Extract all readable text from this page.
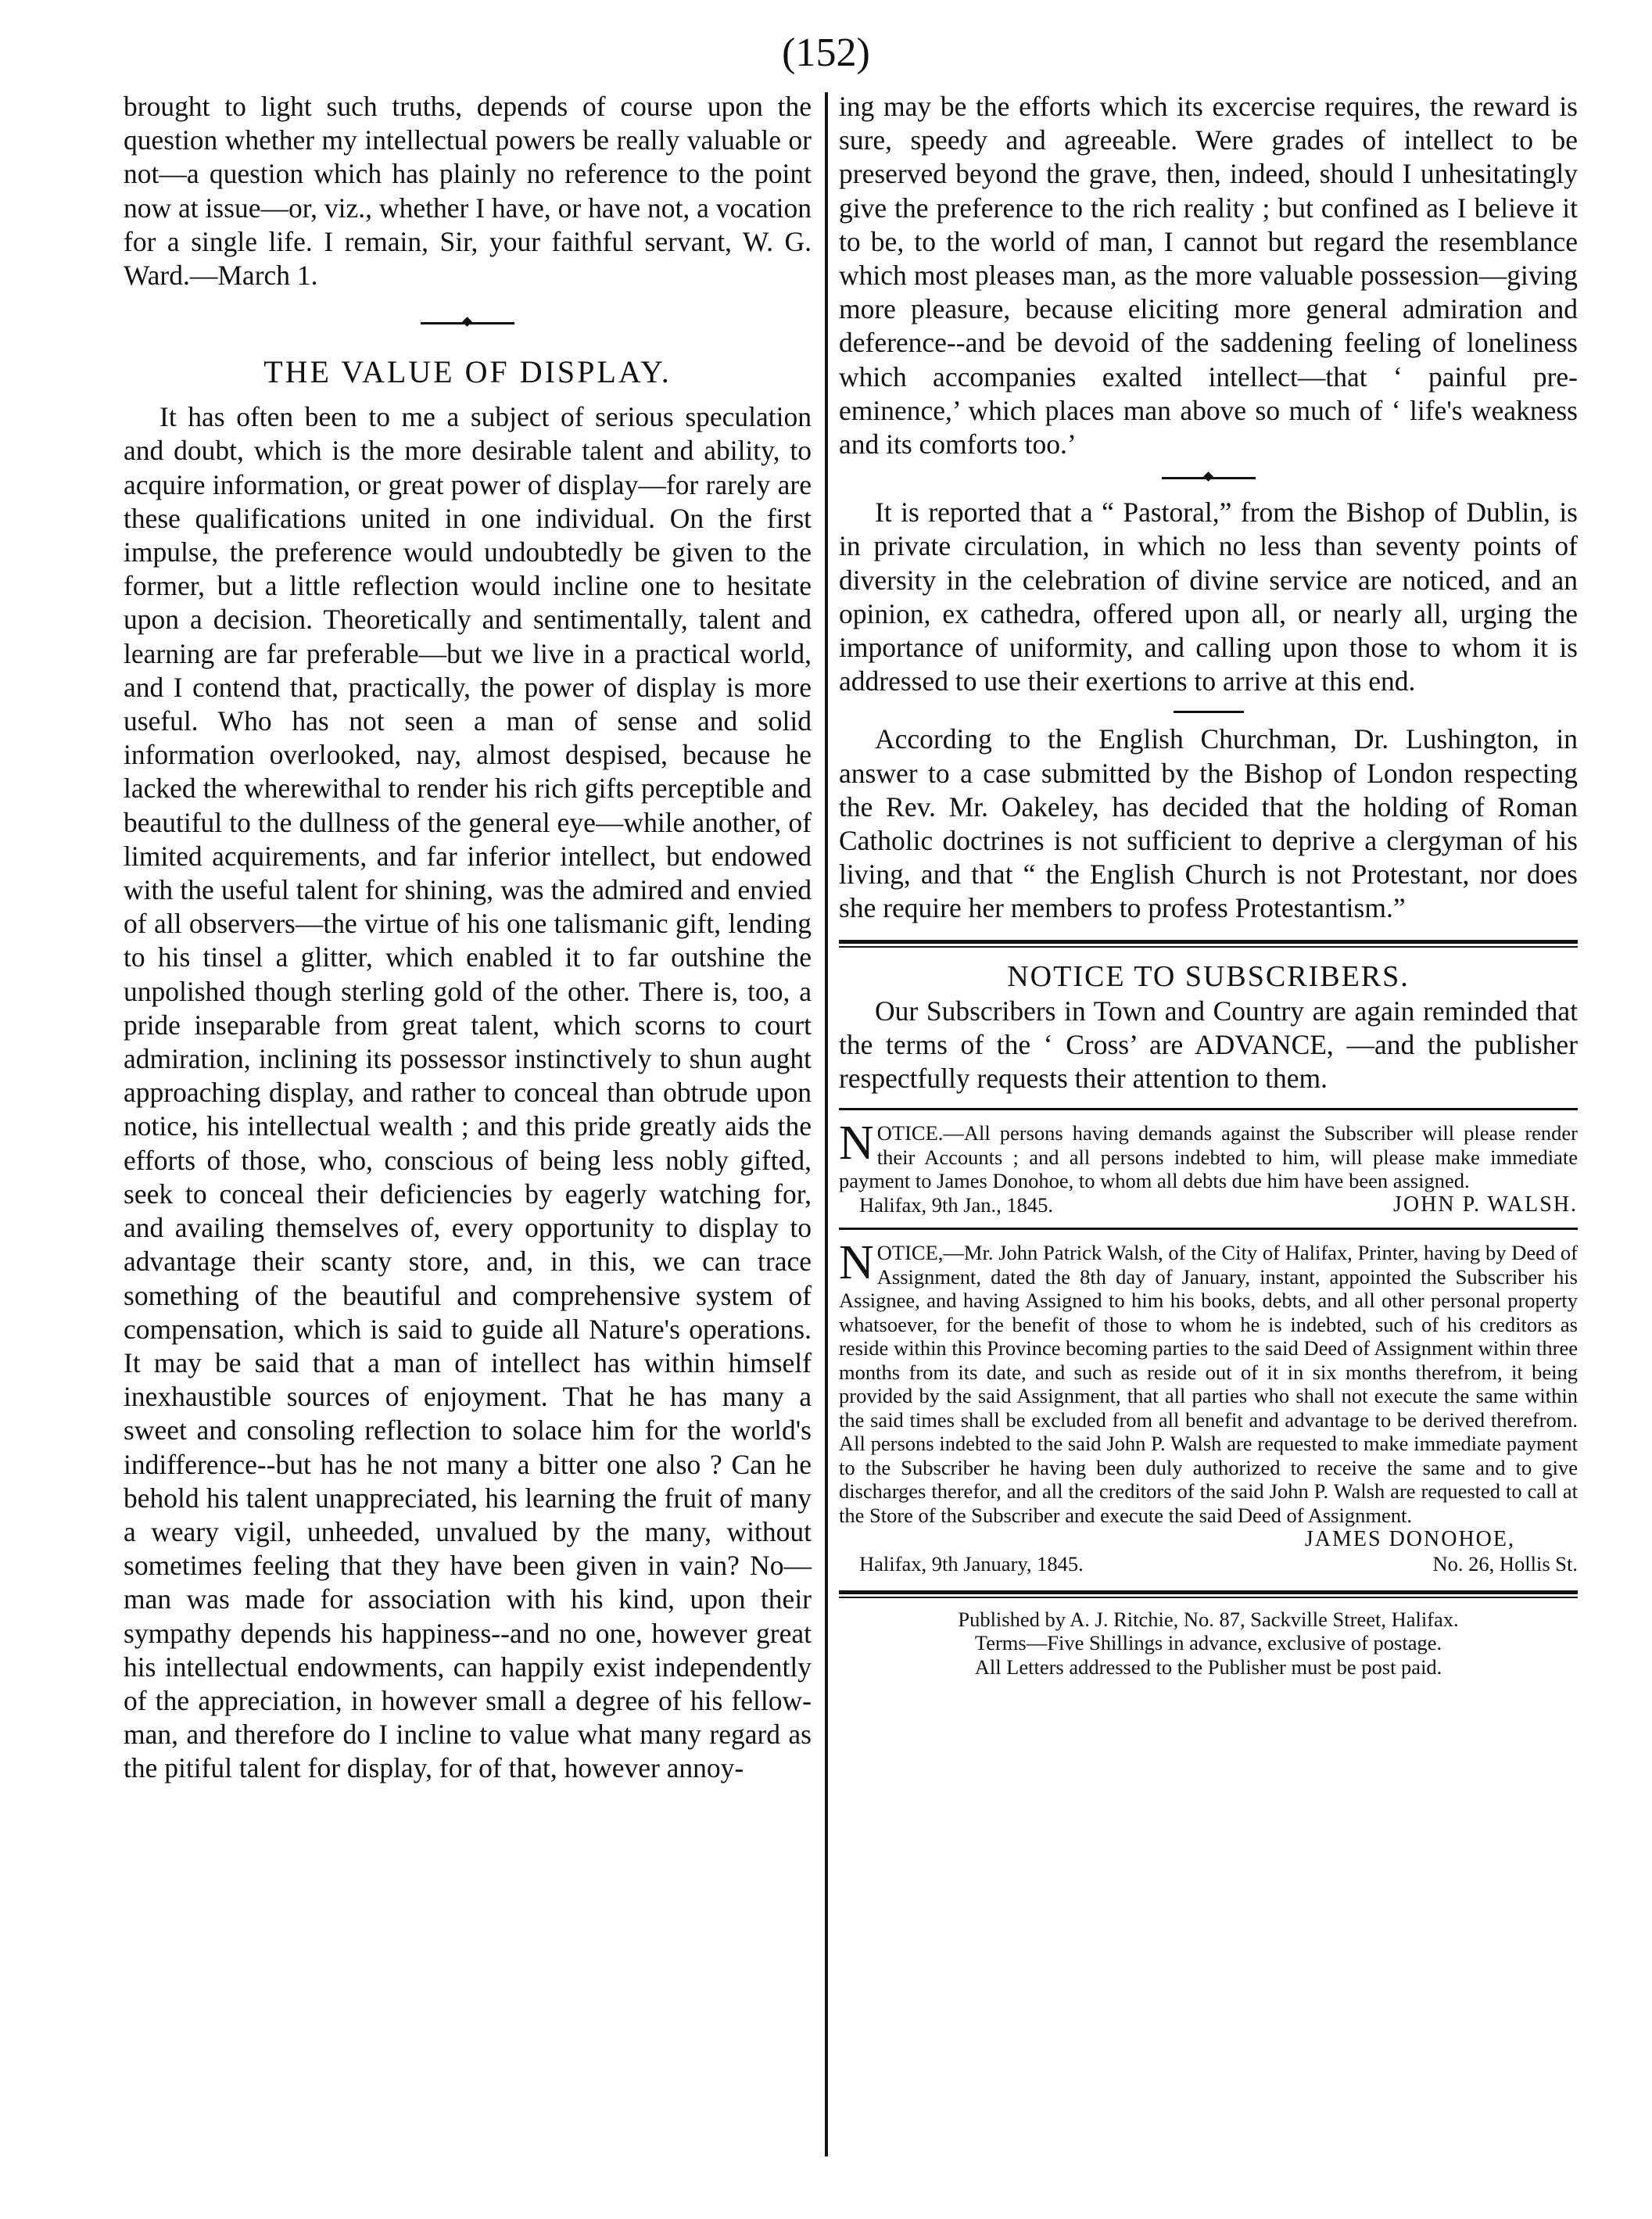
(152)

brought to light such truths, depends of course upon the question whether my intellectual powers be really valuable or not—a question which has plainly no reference to the point now at issue—or, viz., whether I have, or have not, a vocation for a single life. I remain, Sir, your faithful servant, W. G. Ward.—March 1.

THE VALUE OF DISPLAY.

It has often been to me a subject of serious speculation and doubt, which is the more desirable talent and ability, to acquire information, or great power of display—for rarely are these qualifications united in one individual. On the first impulse, the preference would undoubtedly be given to the former, but a little reflection would incline one to hesitate upon a decision. Theoretically and sentimentally, talent and learning are far preferable—but we live in a practical world, and I contend that, practically, the power of display is more useful. Who has not seen a man of sense and solid information overlooked, nay, almost despised, because he lacked the wherewithal to render his rich gifts perceptible and beautiful to the dullness of the general eye—while another, of limited acquirements, and far inferior intellect, but endowed with the useful talent for shining, was the admired and envied of all observers—the virtue of his one talismanic gift, lending to his tinsel a glitter, which enabled it to far outshine the unpolished though sterling gold of the other. There is, too, a pride inseparable from great talent, which scorns to court admiration, inclining its possessor instinctively to shun aught approaching display, and rather to conceal than obtrude upon notice, his intellectual wealth ; and this pride greatly aids the efforts of those, who, conscious of being less nobly gifted, seek to conceal their deficiencies by eagerly watching for, and availing themselves of, every opportunity to display to advantage their scanty store, and, in this, we can trace something of the beautiful and comprehensive system of compensation, which is said to guide all Nature's operations. It may be said that a man of intellect has within himself inexhaustible sources of enjoyment. That he has many a sweet and consoling reflection to solace him for the world's indifference--but has he not many a bitter one also ? Can he behold his talent unappreciated, his learning the fruit of many a weary vigil, unheeded, unvalued by the many, without sometimes feeling that they have been given in vain? No—man was made for association with his kind, upon their sympathy depends his happiness--and no one, however great his intellectual endowments, can happily exist independently of the appreciation, in however small a degree of his fellow-man, and therefore do I incline to value what many regard as the pitiful talent for display, for of that, however annoy-

ing may be the efforts which its excercise requires, the reward is sure, speedy and agreeable. Were grades of intellect to be preserved beyond the grave, then, indeed, should I unhesitatingly give the preference to the rich reality ; but confined as I believe it to be, to the world of man, I cannot but regard the resemblance which most pleases man, as the more valuable possession—giving more pleasure, because eliciting more general admiration and deference--and be devoid of the saddening feeling of loneliness which accompanies exalted intellect—that ‘ painful pre-eminence,’ which places man above so much of ‘ life's weakness and its comforts too.’

It is reported that a “ Pastoral,” from the Bishop of Dublin, is in private circulation, in which no less than seventy points of diversity in the celebration of divine service are noticed, and an opinion, ex cathedra, offered upon all, or nearly all, urging the importance of uniformity, and calling upon those to whom it is addressed to use their exertions to arrive at this end.

According to the English Churchman, Dr. Lushington, in answer to a case submitted by the Bishop of London respecting the Rev. Mr. Oakeley, has decided that the holding of Roman Catholic doctrines is not sufficient to deprive a clergyman of his living, and that “ the English Church is not Protestant, nor does she require her members to profess Protestantism.”

NOTICE TO SUBSCRIBERS.

Our Subscribers in Town and Country are again reminded that the terms of the ‘ Cross’ are ADVANCE, —and the publisher respectfully requests their attention to them.

N OTICE.—All persons having demands against the Subscriber will please render their Accounts ; and all persons indebted to him, will please make immediate payment to James Donohoe, to whom all debts due him have been assigned.

Halifax, 9th Jan., 1845.	JOHN P. WALSH.

N OTICE,—Mr. John Patrick Walsh, of the City of Halifax, Printer, having by Deed of Assignment, dated the 8th day of January, instant, appointed the Subscriber his Assignee, and having Assigned to him his books, debts, and all other personal property whatsoever, for the benefit of those to whom he is indebted, such of his creditors as reside within this Province becoming parties to the said Deed of Assignment within three months from its date, and such as reside out of it in six months therefrom, it being provided by the said Assignment, that all parties who shall not execute the same within the said times shall be excluded from all benefit and advantage to be derived therefrom. All persons indebted to the said John P. Walsh are requested to make immediate payment to the Subscriber he having been duly authorized to receive the same and to give discharges therefor, and all the creditors of the said John P. Walsh are requested to call at the Store of the Subscriber and execute the said Deed of Assignment.

JAMES DONOHOE,
Halifax, 9th January, 1845.	No. 26, Hollis St.

Published by A. J. Ritchie, No. 87, Sackville Street, Halifax.

Terms—Five Shillings in advance, exclusive of postage.

All Letters addressed to the Publisher must be post paid.
